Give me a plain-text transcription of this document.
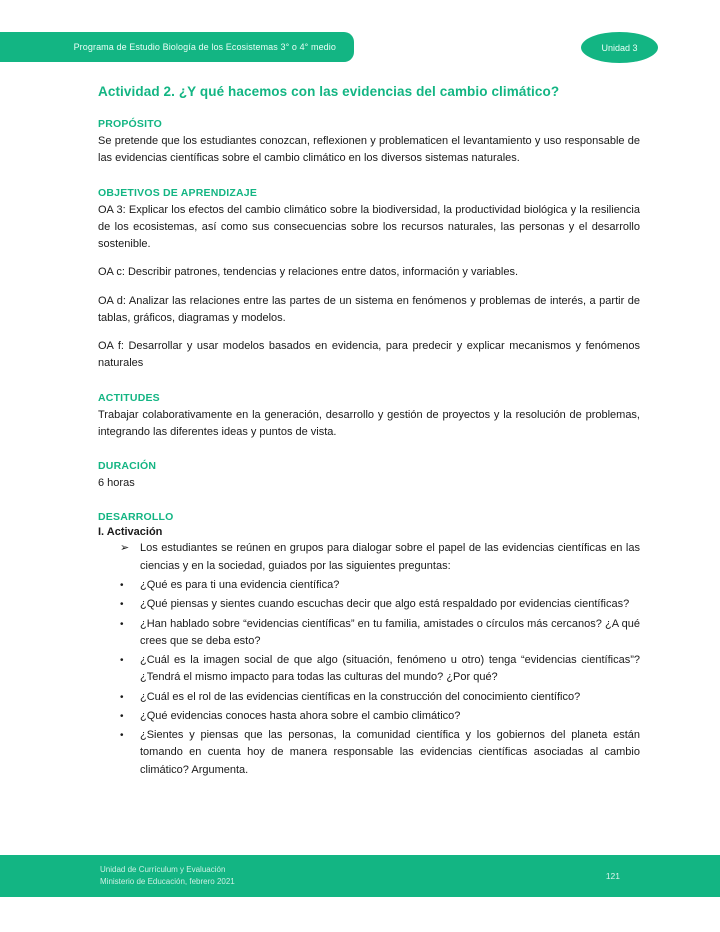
Programa de Estudio Biología de los Ecosistemas 3° o 4° medio	Unidad 3
Actividad 2. ¿Y qué hacemos con las evidencias del cambio climático?
PROPÓSITO

Se pretende que los estudiantes conozcan, reflexionen y problematicen el levantamiento y uso responsable de las evidencias científicas sobre el cambio climático en los diversos sistemas naturales.

OBJETIVOS DE APRENDIZAJE

OA 3: Explicar los efectos del cambio climático sobre la biodiversidad, la productividad biológica y la resiliencia de los ecosistemas, así como sus consecuencias sobre los recursos naturales, las personas y el desarrollo sostenible.

OA c: Describir patrones, tendencias y relaciones entre datos, información y variables.

OA d: Analizar las relaciones entre las partes de un sistema en fenómenos y problemas de interés, a partir de tablas, gráficos, diagramas y modelos.

OA f: Desarrollar y usar modelos basados en evidencia, para predecir y explicar mecanismos y fenómenos naturales

ACTITUDES

Trabajar colaborativamente en la generación, desarrollo y gestión de proyectos y la resolución de problemas, integrando las diferentes ideas y puntos de vista.

DURACIÓN

6 horas

DESARROLLO
I. Activación
➢ Los estudiantes se reúnen en grupos para dialogar sobre el papel de las evidencias científicas en las ciencias y en la sociedad, guiados por las siguientes preguntas:
• ¿Qué es para ti una evidencia científica?
• ¿Qué piensas y sientes cuando escuchas decir que algo está respaldado por evidencias científicas?
• ¿Han hablado sobre “evidencias científicas” en tu familia, amistades o círculos más cercanos? ¿A qué crees que se deba esto?
• ¿Cuál es la imagen social de que algo (situación, fenómeno u otro) tenga “evidencias científicas”? ¿Tendrá el mismo impacto para todas las culturas del mundo? ¿Por qué?
• ¿Cuál es el rol de las evidencias científicas en la construcción del conocimiento científico?
• ¿Qué evidencias conoces hasta ahora sobre el cambio climático?
• ¿Sientes y piensas que las personas, la comunidad científica y los gobiernos del planeta están tomando en cuenta hoy de manera responsable las evidencias científicas asociadas al cambio climático? Argumenta.
Unidad de Currículum y Evaluación
Ministerio de Educación, febrero 2021
121
